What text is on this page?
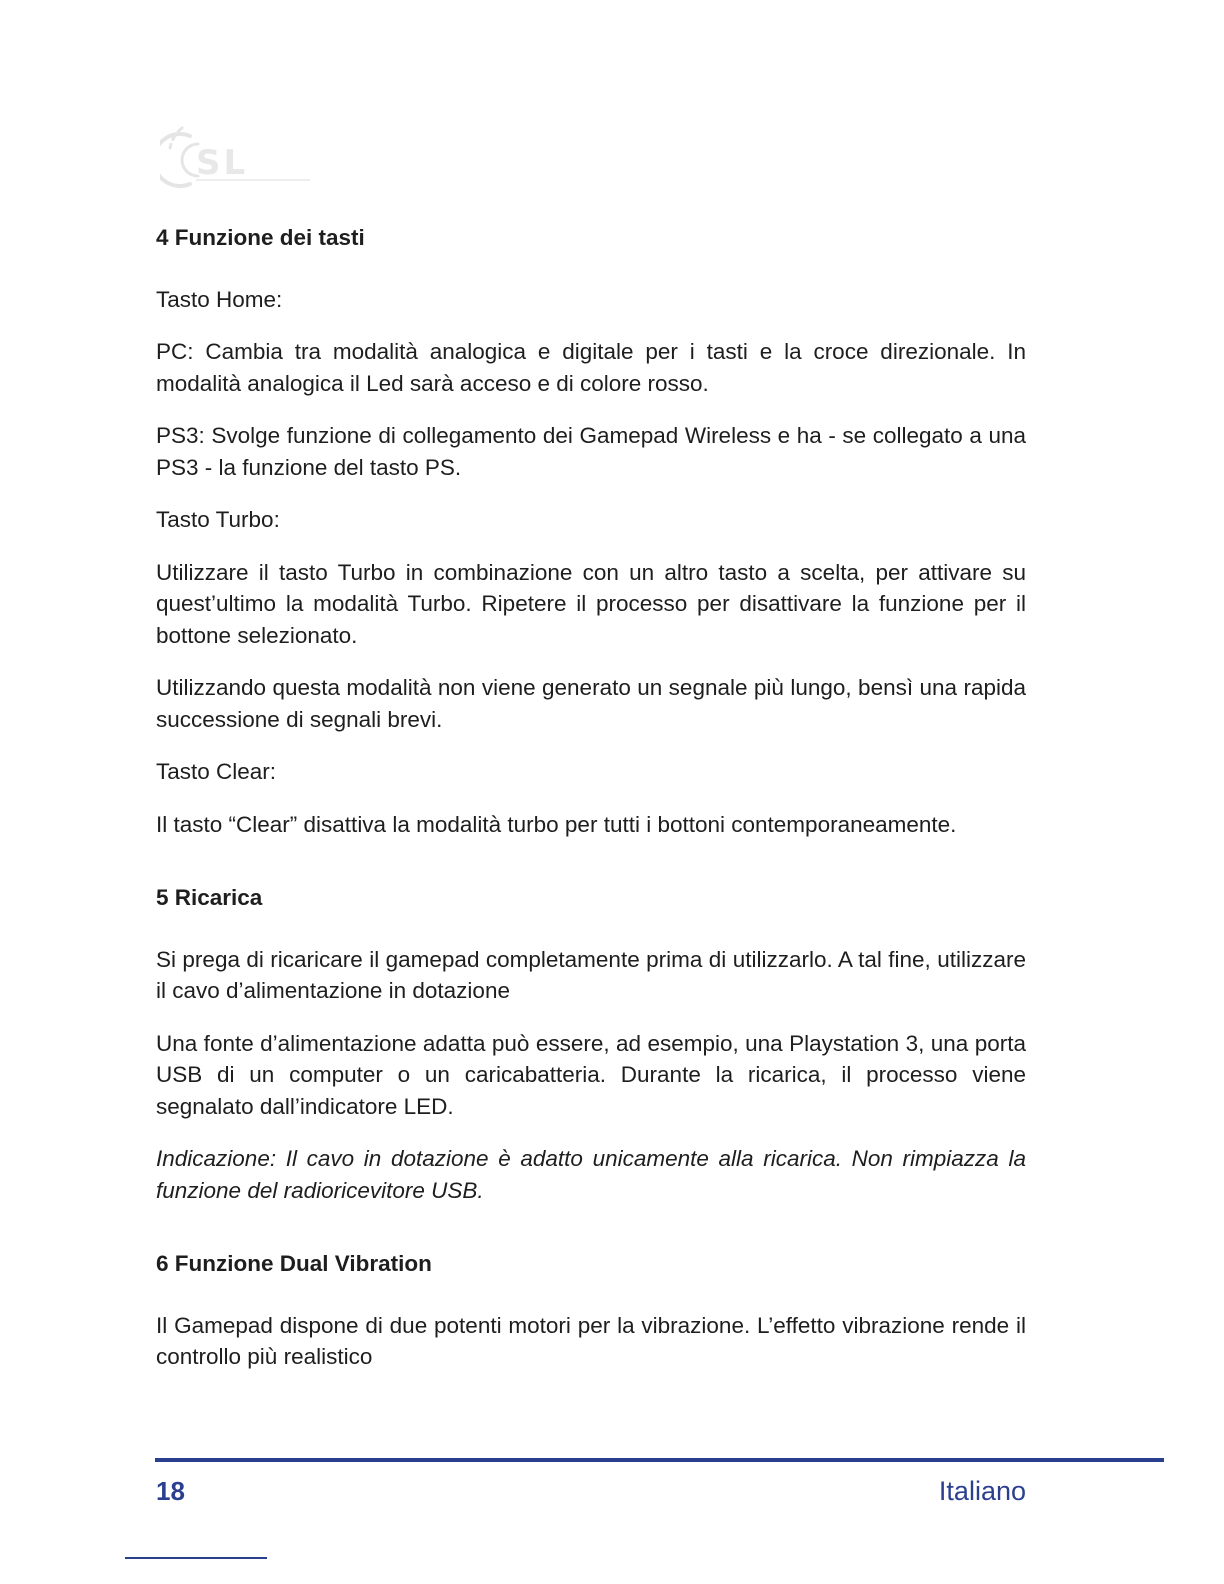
SL
4 Funzione dei tasti

Tasto Home:

PC: Cambia tra modalità analogica e digitale per i tasti e la croce direzionale. In modalità analogica il Led sarà acceso e di colore rosso.

PS3: Svolge funzione di collegamento dei Gamepad Wireless e ha - se collegato a una PS3 - la funzione del tasto PS.

Tasto Turbo:

Utilizzare il tasto Turbo in combinazione con un altro tasto a scelta, per attivare su quest’ultimo la modalità Turbo. Ripetere il processo per disattivare la funzione per il bottone selezionato.

Utilizzando questa modalità non viene generato un segnale più lungo, bensì una rapida successione di segnali brevi.

Tasto Clear:

Il tasto “Clear” disattiva la modalità turbo per tutti i bottoni contemporaneamente.

5 Ricarica

Si prega di ricaricare il gamepad completamente prima di utilizzarlo. A tal fine, utilizzare il cavo d’alimentazione in dotazione

Una fonte d’alimentazione adatta può essere, ad esempio, una Playstation 3, una porta USB di un computer o un caricabatteria. Durante la ricarica, il processo viene segnalato dall’indicatore LED.

Indicazione: Il cavo in dotazione è adatto unicamente alla ricarica. Non rimpiazza la funzione del radioricevitore USB.

6 Funzione Dual Vibration

Il Gamepad dispone di due potenti motori per la vibrazione. L’effetto vibrazione rende il controllo più realistico

18	Italiano
